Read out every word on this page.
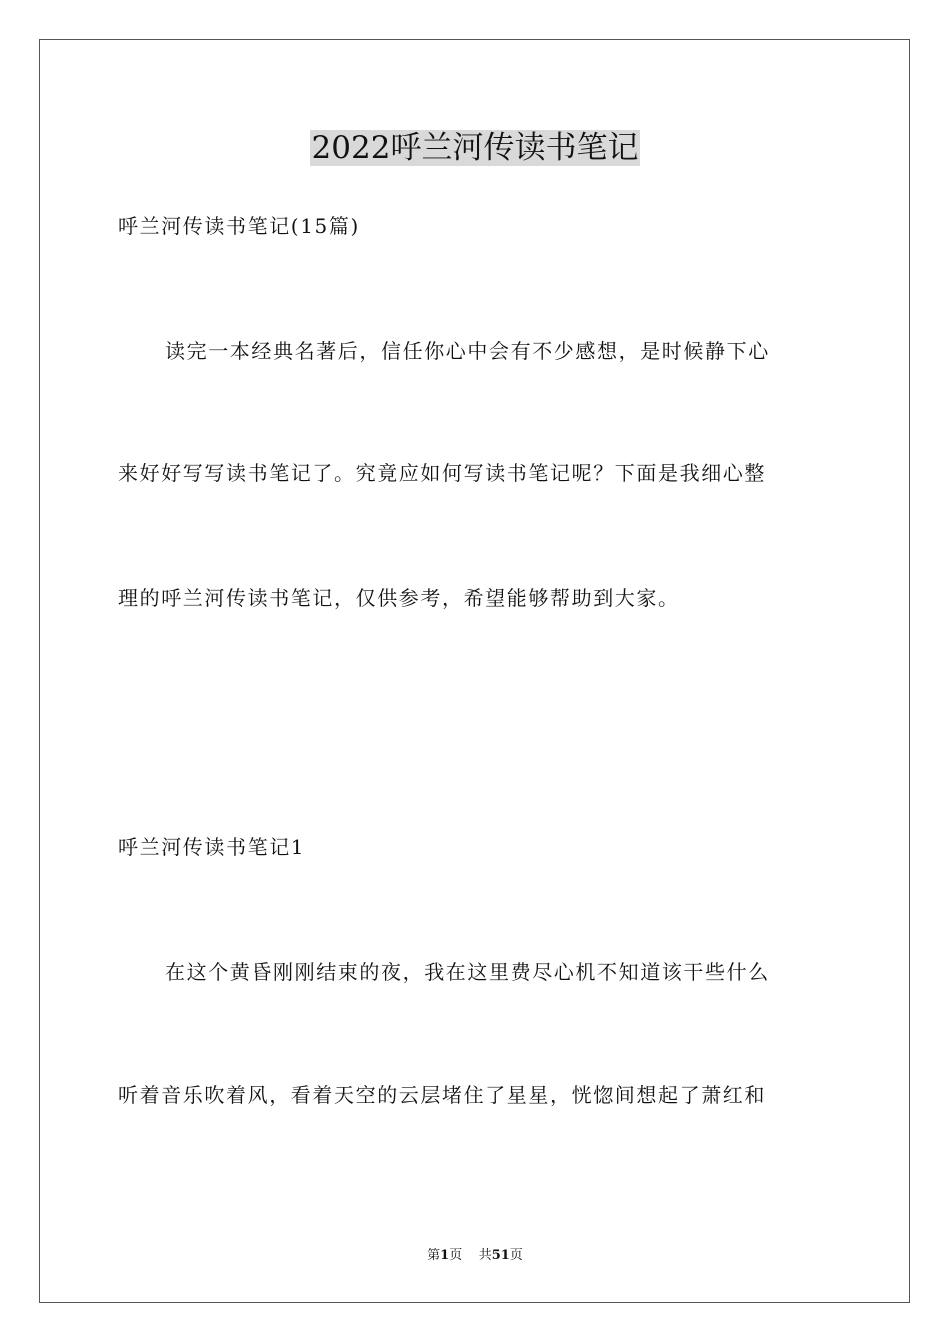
2022呼兰河传读书笔记
呼兰河传读书笔记(15篇)
读完一本经典名著后，信任你心中会有不少感想，是时候静下心
来好好写写读书笔记了。究竟应如何写读书笔记呢？下面是我细心整
理的呼兰河传读书笔记，仅供参考，希望能够帮助到大家。
呼兰河传读书笔记1
在这个黄昏刚刚结束的夜，我在这里费尽心机不知道该干些什么
听着音乐吹着风，看着天空的云层堵住了星星，恍惚间想起了萧红和
第1页 共51页
